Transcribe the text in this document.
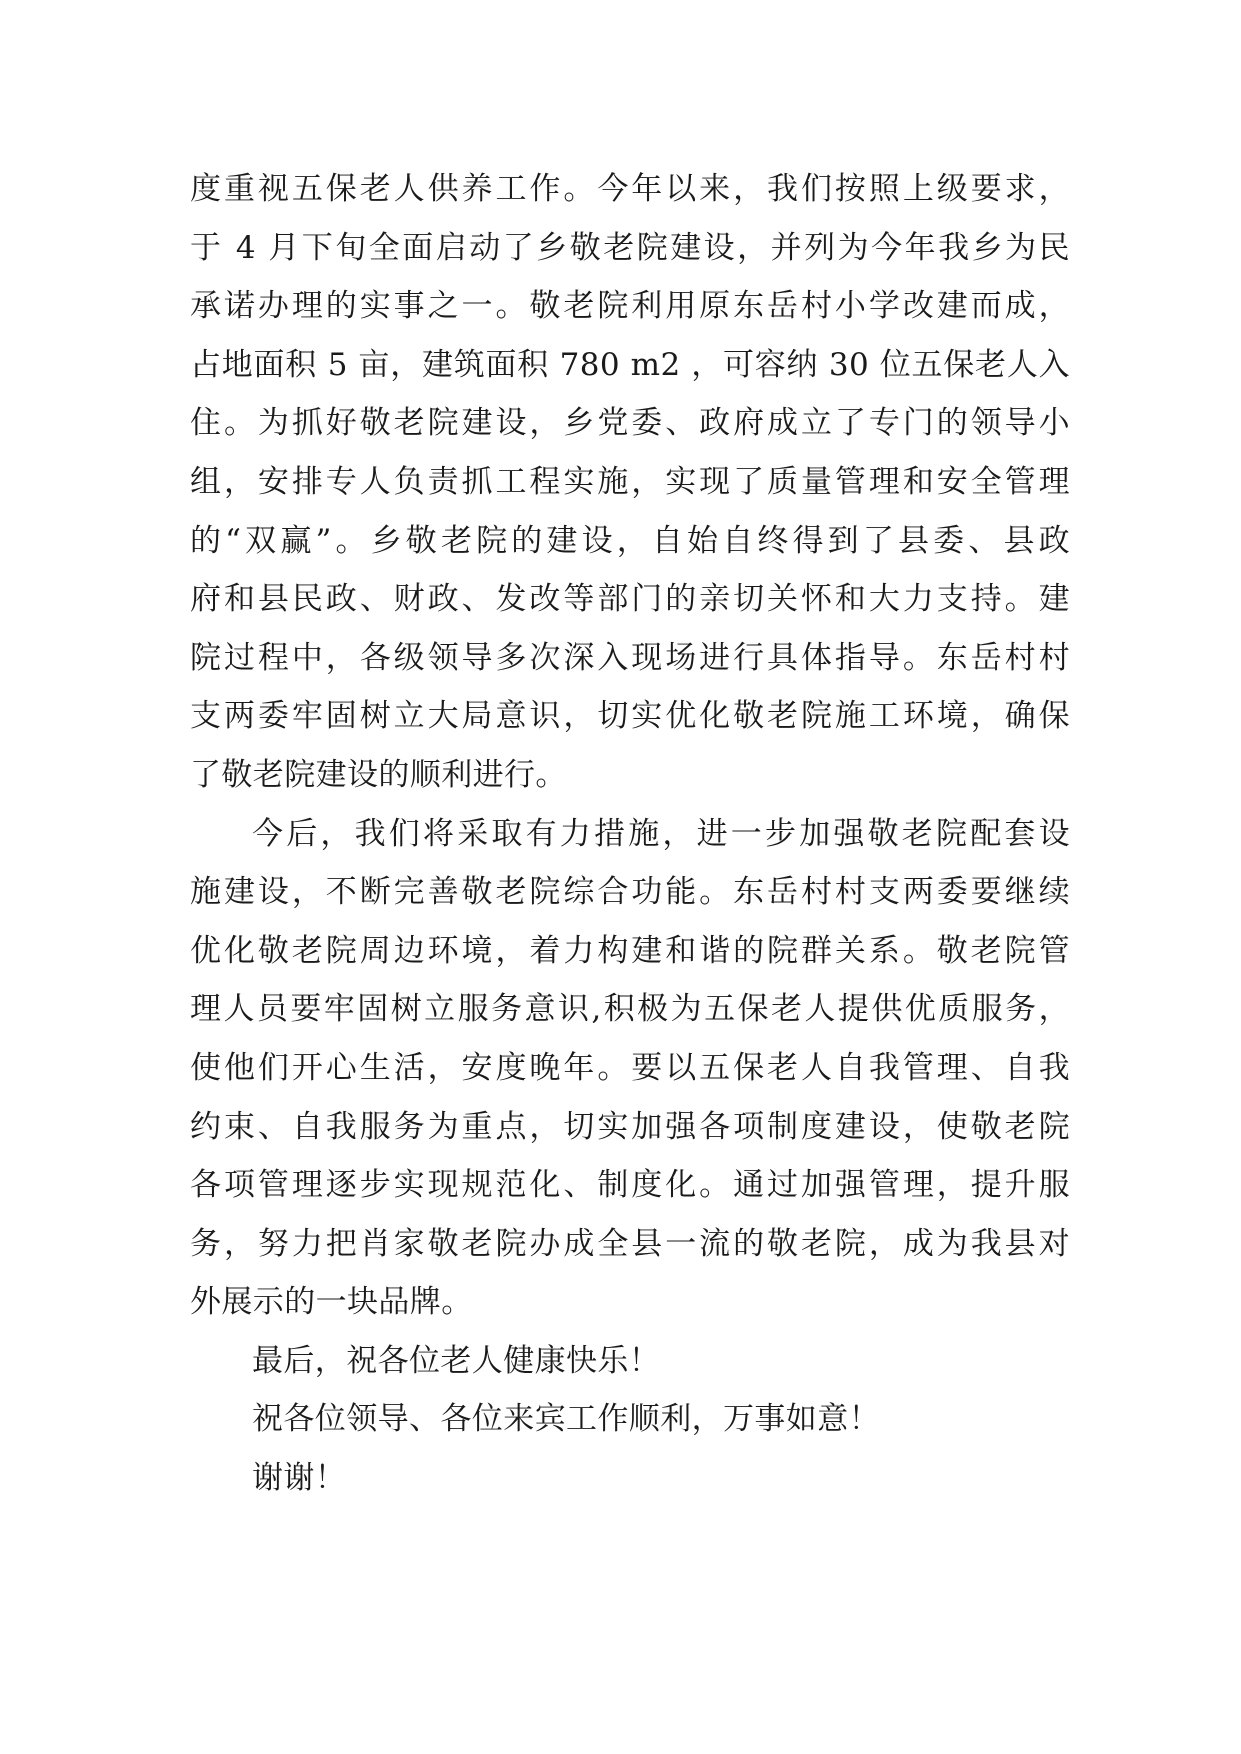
度重视五保老人供养工作。今年以来，我们按照上级要求，
于 4 月下旬全面启动了乡敬老院建设，并列为今年我乡为民
承诺办理的实事之一。敬老院利用原东岳村小学改建而成，
占地面积 5 亩，建筑面积 780 m2 ，可容纳 30 位五保老人入
住。为抓好敬老院建设，乡党委、政府成立了专门的领导小
组，安排专人负责抓工程实施，实现了质量管理和安全管理
的“双赢”。乡敬老院的建设，自始自终得到了县委、县政
府和县民政、财政、发改等部门的亲切关怀和大力支持。建
院过程中，各级领导多次深入现场进行具体指导。东岳村村
支两委牢固树立大局意识，切实优化敬老院施工环境，确保
了敬老院建设的顺利进行。
今后，我们将采取有力措施，进一步加强敬老院配套设
施建设，不断完善敬老院综合功能。东岳村村支两委要继续
优化敬老院周边环境，着力构建和谐的院群关系。敬老院管
理人员要牢固树立服务意识,积极为五保老人提供优质服务，
使他们开心生活，安度晚年。要以五保老人自我管理、自我
约束、自我服务为重点，切实加强各项制度建设，使敬老院
各项管理逐步实现规范化、制度化。通过加强管理，提升服
务，努力把肖家敬老院办成全县一流的敬老院，成为我县对
外展示的一块品牌。
最后，祝各位老人健康快乐！
祝各位领导、各位来宾工作顺利，万事如意！
谢谢！
